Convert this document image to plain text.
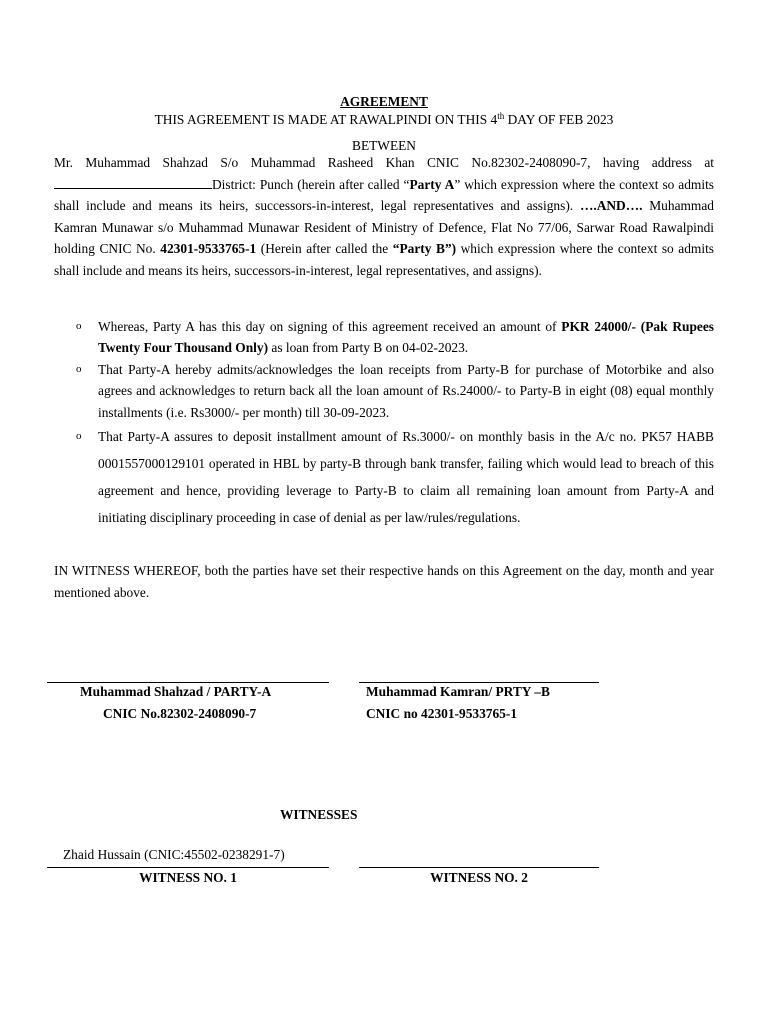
AGREEMENT
THIS AGREEMENT IS MADE AT RAWALPINDI ON THIS 4th DAY OF FEB 2023
BETWEEN
Mr. Muhammad Shahzad S/o Muhammad Rasheed Khan CNIC No.82302-2408090-7, having address at District: Punch (herein after called “Party A” which expression where the context so admits shall include and means its heirs, successors-in-interest, legal representatives and assigns). ….AND…. Muhammad Kamran Munawar s/o Muhammad Munawar Resident of Ministry of Defence, Flat No 77/06, Sarwar Road Rawalpindi holding CNIC No. 42301-9533765-1 (Herein after called the “Party B”) which expression where the context so admits shall include and means its heirs, successors-in-interest, legal representatives, and assigns).
o Whereas, Party A has this day on signing of this agreement received an amount of PKR 24000/- (Pak Rupees Twenty Four Thousand Only) as loan from Party B on 04-02-2023.
o That Party-A hereby admits/acknowledges the loan receipts from Party-B for purchase of Motorbike and also agrees and acknowledges to return back all the loan amount of Rs.24000/- to Party-B in eight (08) equal monthly installments (i.e. Rs3000/- per month) till 30-09-2023.
o That Party-A assures to deposit installment amount of Rs.3000/- on monthly basis in the A/c no. PK57 HABB 0001557000129101 operated in HBL by party-B through bank transfer, failing which would lead to breach of this agreement and hence, providing leverage to Party-B to claim all remaining loan amount from Party-A and initiating disciplinary proceeding in case of denial as per law/rules/regulations.
IN WITNESS WHEREOF, both the parties have set their respective hands on this Agreement on the day, month and year mentioned above.
Muhammad Shahzad / PARTY-A
CNIC No.82302-2408090-7
Muhammad Kamran/ PRTY –B
CNIC no 42301-9533765-1
WITNESSES
Zhaid Hussain (CNIC:45502-0238291-7)
WITNESS NO. 1	WITNESS NO. 2
